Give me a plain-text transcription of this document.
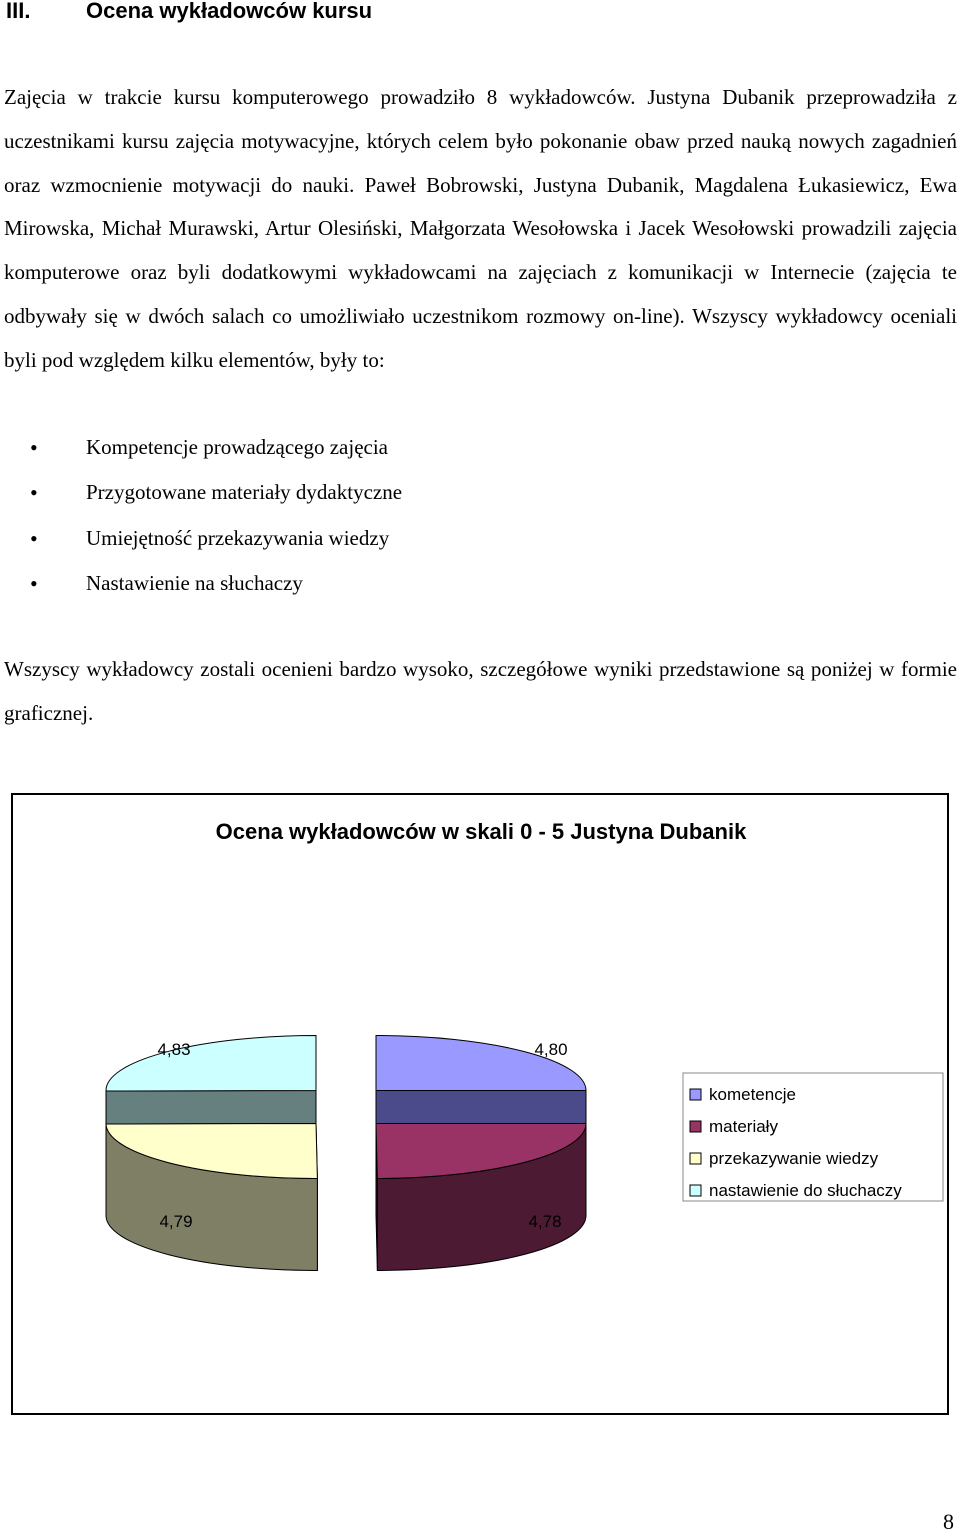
III.	Ocena wykładowców kursu

Zajęcia w trakcie kursu komputerowego prowadziło 8 wykładowców. Justyna Dubanik przeprowadziła z uczestnikami kursu zajęcia motywacyjne, których celem było pokonanie obaw przed nauką nowych zagadnień oraz wzmocnienie motywacji do nauki. Paweł Bobrowski, Justyna Dubanik, Magdalena Łukasiewicz, Ewa Mirowska, Michał Murawski, Artur Olesiński, Małgorzata Wesołowska i Jacek Wesołowski prowadzili zajęcia komputerowe oraz byli dodatkowymi wykładowcami na zajęciach z komunikacji w Internecie (zajęcia te odbywały się w dwóch salach co umożliwiało uczestnikom rozmowy on-line). Wszyscy wykładowcy oceniali byli pod względem kilku elementów, były to:

• Kompetencje prowadzącego zajęcia
• Przygotowane materiały dydaktyczne
• Umiejętność przekazywania wiedzy
• Nastawienie na słuchaczy

Wszyscy wykładowcy zostali ocenieni bardzo wysoko, szczegółowe wyniki przedstawione są poniżej w formie graficznej.

Ocena wykładowców w skali 0 - 5 Justyna Dubanik
4,80
4,78
4,79
4,83
kometencje
materiały
przekazywanie wiedzy
nastawienie do słuchaczy
8
